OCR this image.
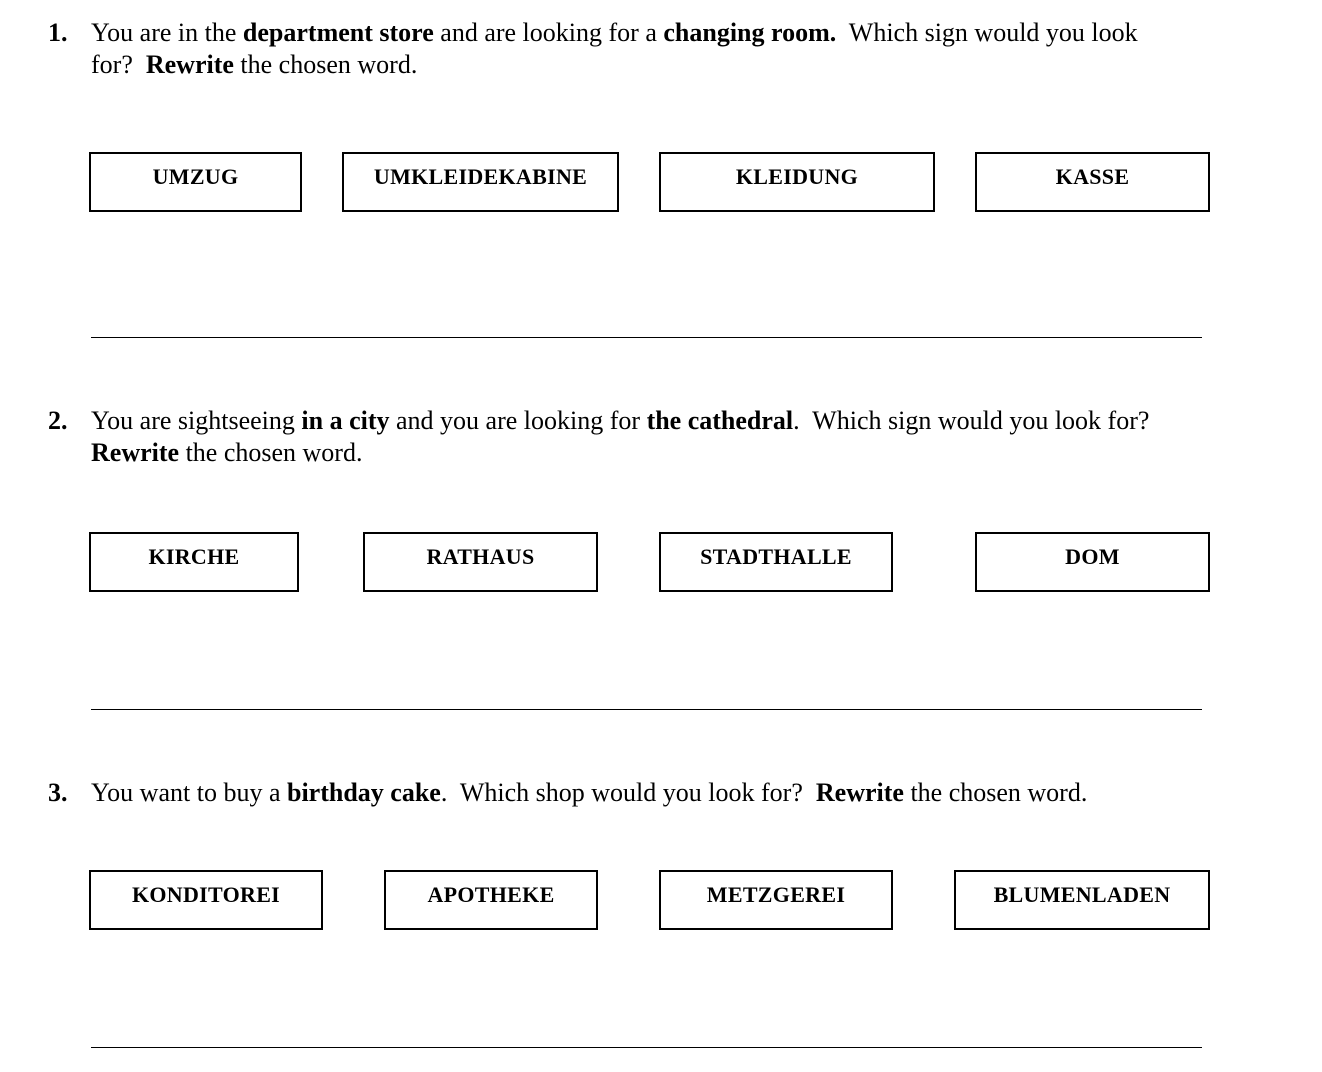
1. You are in the department store and are looking for a changing room.  Which sign would you look
for?  Rewrite the chosen word.
UMZUG	UMKLEIDEKABINE	KLEIDUNG	KASSE
2. You are sightseeing in a city and you are looking for the cathedral.  Which sign would you look for?
Rewrite the chosen word.
KIRCHE	RATHAUS	STADTHALLE	DOM
3. You want to buy a birthday cake.  Which shop would you look for?  Rewrite the chosen word.
KONDITOREI	APOTHEKE	METZGEREI	BLUMENLADEN
